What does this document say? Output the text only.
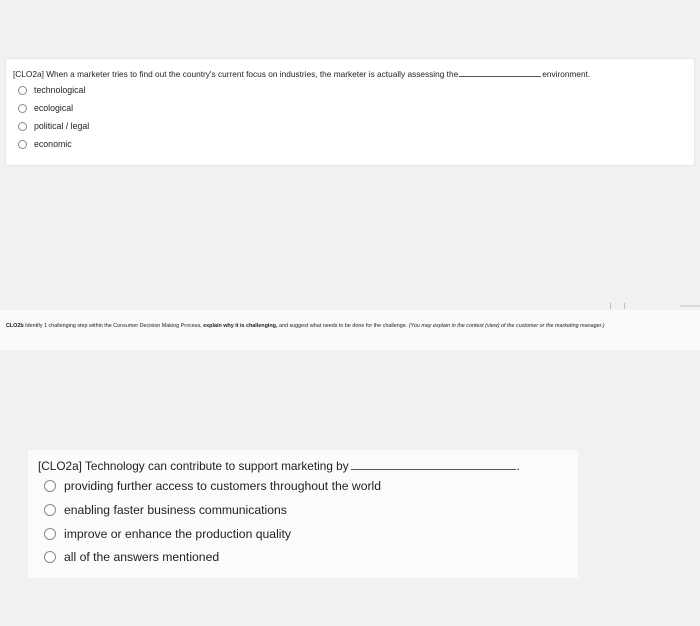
[CLO2a] When a marketer tries to find out the country's current focus on industries, the marketer is actually assessing the	environment.
technological
ecological
political / legal
economic
CLO2b Identify 1 challenging step within the Consumer Decision Making Process, explain why it is challenging, and suggest what needs to be done for the challenge. (You may explain in the context (view) of the customer or the marketing manager.)
[CLO2a] Technology can contribute to support marketing by	.
providing further access to customers throughout the world
enabling faster business communications
improve or enhance the production quality
all of the answers mentioned
